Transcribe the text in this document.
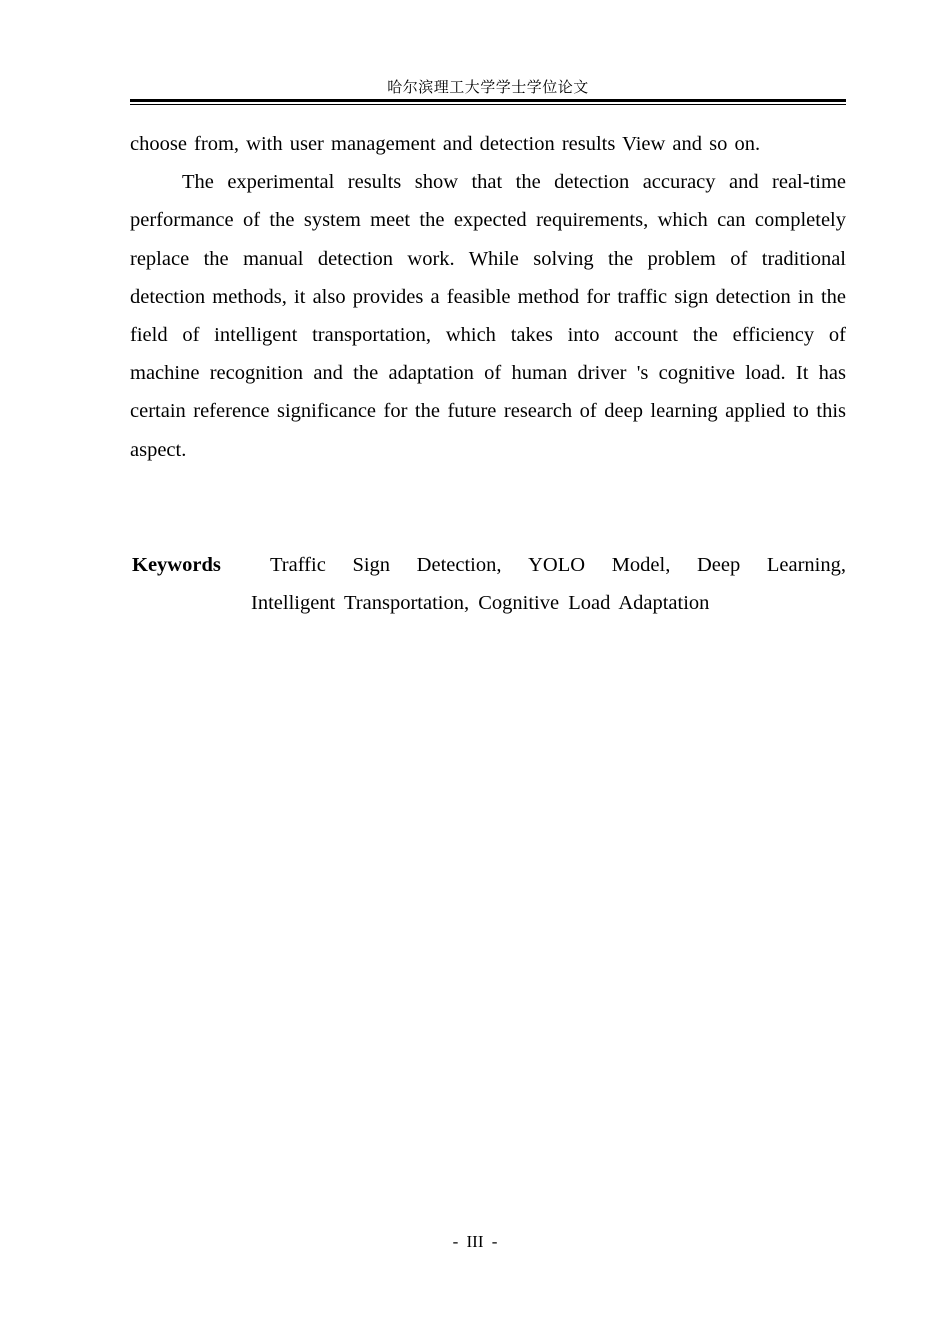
哈尔滨理工大学学士学位论文

choose from, with user management and detection results View and so on.

The experimental results show that the detection accuracy and real-time performance of the system meet the expected requirements, which can completely replace the manual detection work. While solving the problem of traditional detection methods, it also provides a feasible method for traffic sign detection in the field of intelligent transportation, which takes into account the efficiency of machine recognition and the adaptation of human driver 's cognitive load. It has certain reference significance for the future research of deep learning applied to this aspect.

Keywords Traffic Sign Detection, YOLO Model, Deep Learning,
Intelligent Transportation, Cognitive Load Adaptation
- III -
